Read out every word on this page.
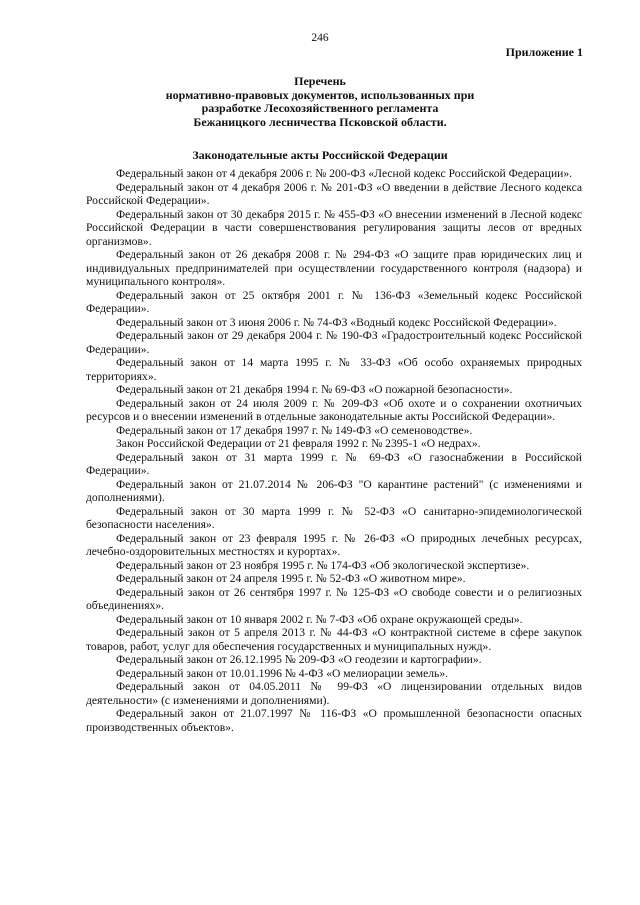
246
Приложение 1
Перечень
нормативно-правовых документов, использованных при
разработке Лесохозяйственного регламента
Бежаницкого лесничества Псковской области.
Законодательные акты Российской Федерации
Федеральный закон от 4 декабря 2006 г. № 200-ФЗ «Лесной кодекс Российской Федерации».
Федеральный закон от 4 декабря 2006 г. № 201-ФЗ «О введении в действие Лесного кодекса Российской Федерации».
Федеральный закон от 30 декабря 2015 г. № 455-ФЗ «О внесении изменений в Лесной кодекс Российской Федерации в части совершенствования регулирования защиты лесов от вредных организмов».
Федеральный закон от 26 декабря 2008 г. № 294-ФЗ «О защите прав юридических лиц и индивидуальных предпринимателей при осуществлении государственного контроля (надзора) и муниципального контроля».
Федеральный закон от 25 октября 2001 г. № 136-ФЗ «Земельный кодекс Российской Федерации».
Федеральный закон от 3 июня 2006 г. № 74-ФЗ «Водный кодекс Российской Федерации».
Федеральный закон от 29 декабря 2004 г. № 190-ФЗ «Градостроительный кодекс Российской Федерации».
Федеральный закон от 14 марта 1995 г. № 33-ФЗ «Об особо охраняемых природных территориях».
Федеральный закон от 21 декабря 1994 г. № 69-ФЗ «О пожарной безопасности».
Федеральный закон от 24 июля 2009 г. № 209-ФЗ «Об охоте и о сохранении охотничьих ресурсов и о внесении изменений в отдельные законодательные акты Российской Федерации».
Федеральный закон от 17 декабря 1997 г. № 149-ФЗ «О семеноводстве».
Закон Российской Федерации от 21 февраля 1992 г. № 2395-1 «О недрах».
Федеральный закон от 31 марта 1999 г. № 69-ФЗ «О газоснабжении в Российской Федерации».
Федеральный закон от 21.07.2014 № 206-ФЗ "О карантине растений" (с изменениями и дополнениями).
Федеральный закон от 30 марта 1999 г. № 52-ФЗ «О санитарно-эпидемиологической безопасности населения».
Федеральный закон от 23 февраля 1995 г. № 26-ФЗ «О природных лечебных ресурсах, лечебно-оздоровительных местностях и курортах».
Федеральный закон от 23 ноября 1995 г. № 174-ФЗ «Об экологической экспертизе».
Федеральный закон от 24 апреля 1995 г. № 52-ФЗ «О животном мире».
Федеральный закон от 26 сентября 1997 г. № 125-ФЗ «О свободе совести и о религиозных объединениях».
Федеральный закон от 10 января 2002 г. № 7-ФЗ «Об охране окружающей среды».
Федеральный закон от 5 апреля 2013 г. № 44-ФЗ «О контрактной системе в сфере закупок товаров, работ, услуг для обеспечения государственных и муниципальных нужд».
Федеральный закон от 26.12.1995 № 209-ФЗ «О геодезии и картографии».
Федеральный закон от 10.01.1996 № 4-ФЗ «О мелиорации земель».
Федеральный закон от 04.05.2011 № 99-ФЗ «О лицензировании отдельных видов деятельности» (с изменениями и дополнениями).
Федеральный закон от 21.07.1997 № 116-ФЗ «О промышленной безопасности опасных производственных объектов».
